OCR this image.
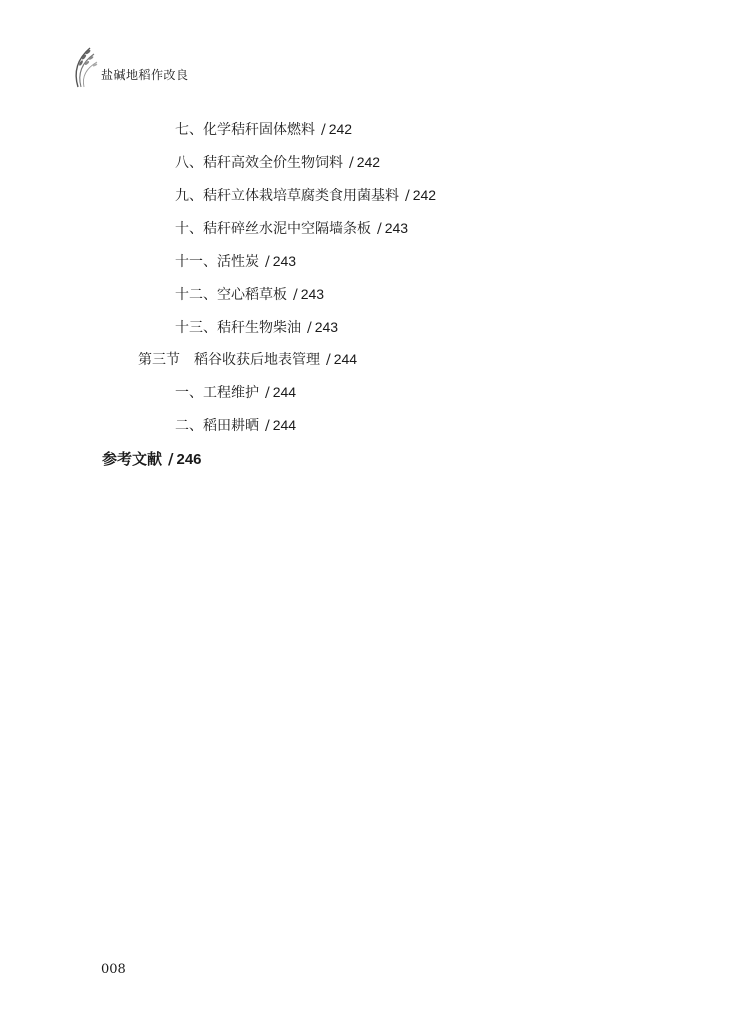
盐碱地稻作改良
七、化学秸秆固体燃料 / 242
八、秸秆高效全价生物饲料 / 242
九、秸秆立体栽培草腐类食用菌基料 / 242
十、秸秆碎丝水泥中空隔墙条板 / 243
十一、活性炭 / 243
十二、空心稻草板 / 243
十三、秸秆生物柴油 / 243
第三节 稻谷收获后地表管理 / 244
一、工程维护 / 244
二、稻田耕晒 / 244
参考文献 / 246
008
